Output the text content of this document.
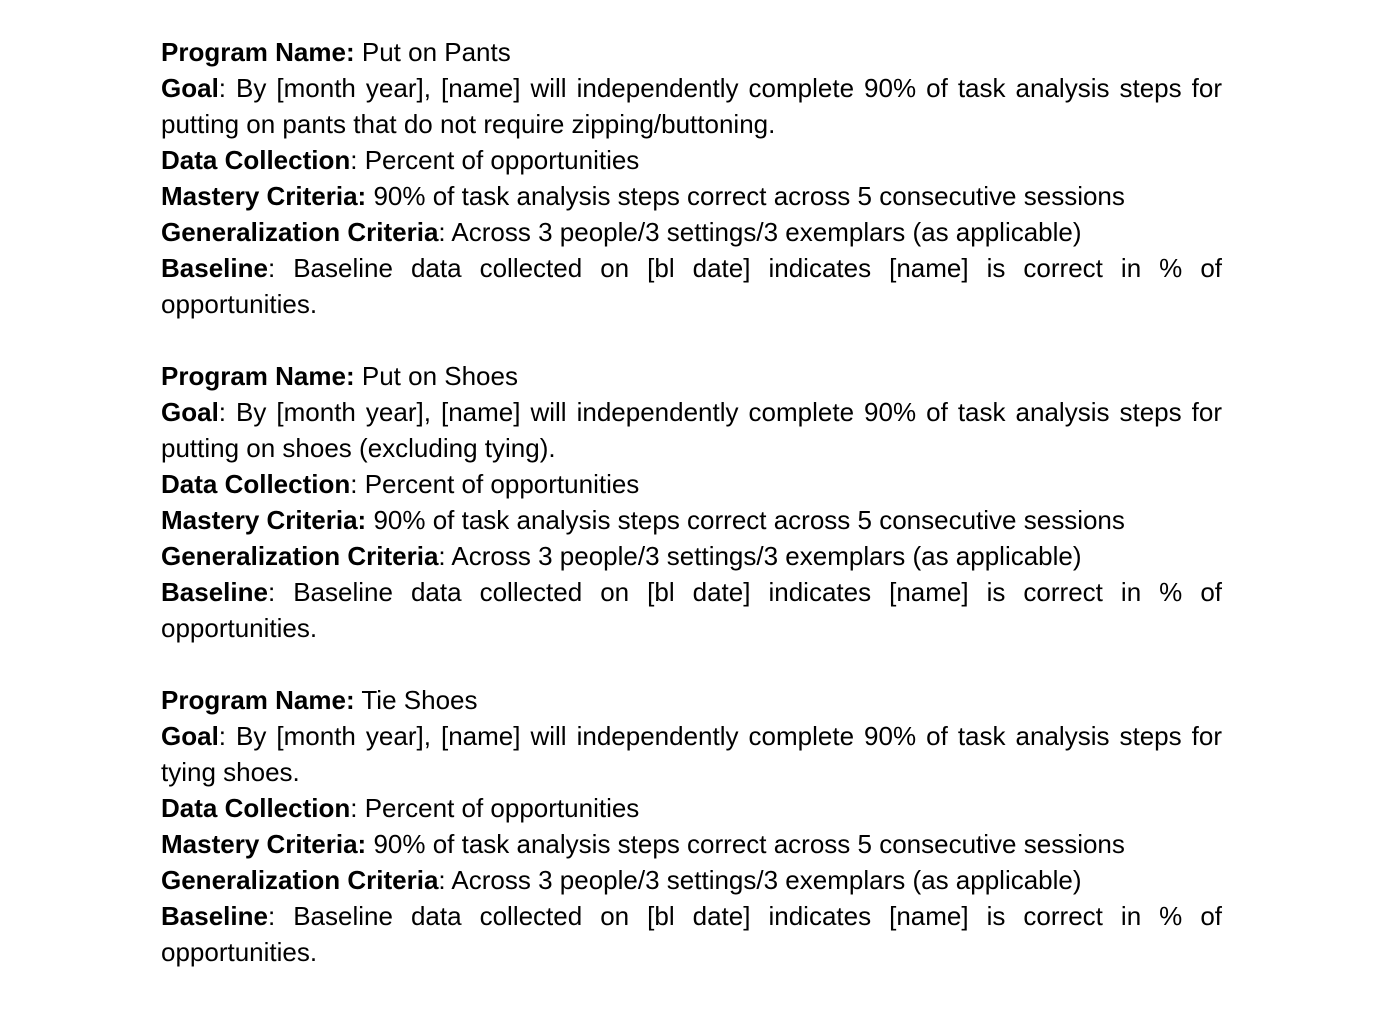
Program Name: Put on Pants

Goal: By [month year], [name] will independently complete 90% of task analysis steps for putting on pants that do not require zipping/buttoning.

Data Collection: Percent of opportunities

Mastery Criteria: 90% of task analysis steps correct across 5 consecutive sessions

Generalization Criteria: Across 3 people/3 settings/3 exemplars (as applicable)

Baseline: Baseline data collected on [bl date] indicates [name] is correct in % of opportunities.

Program Name: Put on Shoes

Goal: By [month year], [name] will independently complete 90% of task analysis steps for putting on shoes (excluding tying).

Data Collection: Percent of opportunities

Mastery Criteria: 90% of task analysis steps correct across 5 consecutive sessions

Generalization Criteria: Across 3 people/3 settings/3 exemplars (as applicable)

Baseline: Baseline data collected on [bl date] indicates [name] is correct in % of opportunities.

Program Name: Tie Shoes

Goal: By [month year], [name] will independently complete 90% of task analysis steps for tying shoes.

Data Collection: Percent of opportunities

Mastery Criteria: 90% of task analysis steps correct across 5 consecutive sessions

Generalization Criteria: Across 3 people/3 settings/3 exemplars (as applicable)

Baseline: Baseline data collected on [bl date] indicates [name] is correct in % of opportunities.
